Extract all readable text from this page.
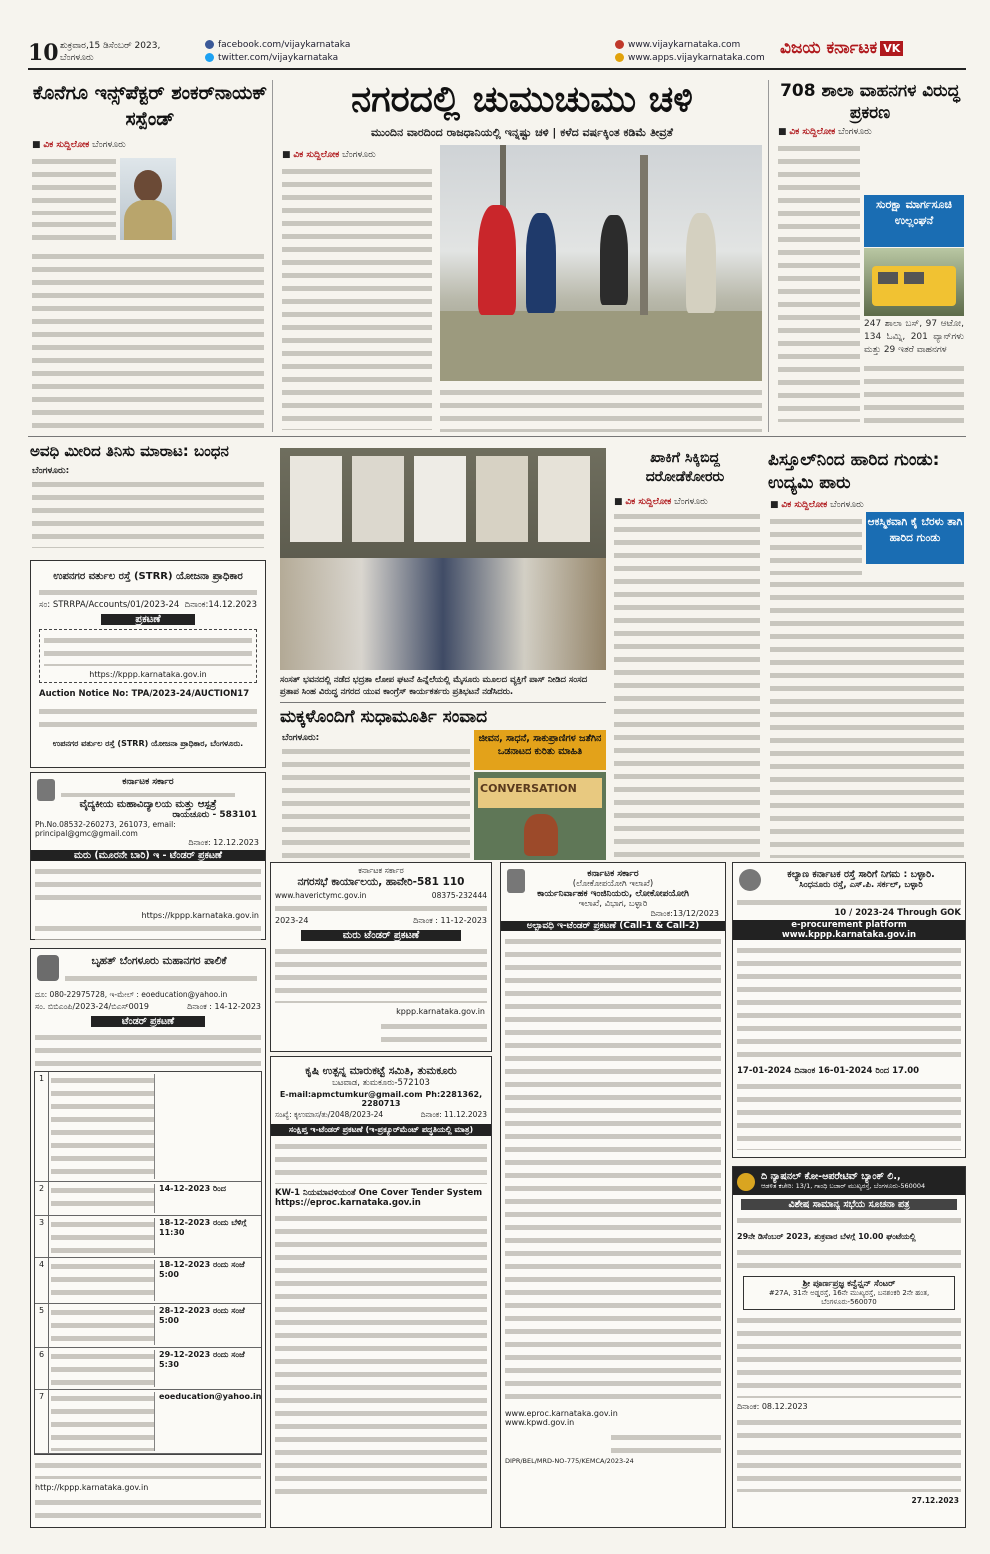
10 ಶುಕ್ರವಾರ,15 ಡಿಸೆಂಬರ್ 2023,
ಬೆಂಗಳೂರು
facebook.com/vijaykarnataka
twitter.com/vijaykarnataka
www.vijaykarnataka.com
www.apps.vijaykarnataka.com ವಿಜಯ ಕರ್ನಾಟಕ VK
ಕೊನೆಗೂ ಇನ್ಸ್‌ಪೆಕ್ಟರ್ ಶಂಕರ್‌ನಾಯಕ್ ಸಸ್ಪೆಂಡ್
■ ವಿಕ ಸುದ್ದಿಲೋಕ ಬೆಂಗಳೂರು
ನಗರದಲ್ಲಿ ಚುಮುಚುಮು ಚಳಿ
ಮುಂದಿನ ವಾರದಿಂದ ರಾಜಧಾನಿಯಲ್ಲಿ ಇನ್ನಷ್ಟು ಚಳಿ | ಕಳೆದ ವರ್ಷಕ್ಕಿಂತ ಕಡಿಮೆ ತೀವ್ರತೆ
■ ವಿಕ ಸುದ್ದಿಲೋಕ ಬೆಂಗಳೂರು
708 ಶಾಲಾ ವಾಹನಗಳ ವಿರುದ್ಧ ಪ್ರಕರಣ
■ ವಿಕ ಸುದ್ದಿಲೋಕ ಬೆಂಗಳೂರು
ಸುರಕ್ಷಾ ಮಾರ್ಗಸೂಚಿ ಉಲ್ಲಂಘನೆ
247 ಶಾಲಾ ಬಸ್, 97 ಆಟೋ, 134 ಓಮ್ನಿ, 201 ವ್ಯಾನ್‌ಗಳು ಮತ್ತು 29 ಇತರೆ ವಾಹನಗಳ
ಅವಧಿ ಮೀರಿದ ತಿನಿಸು ಮಾರಾಟ: ಬಂಧನ
ಬೆಂಗಳೂರು:
ಉಪನಗರ ವರ್ತುಲ ರಸ್ತೆ (STRR) ಯೋಜನಾ ಪ್ರಾಧಿಕಾರ
ಸಂ: STRRPA/Accounts/01/2023-24 ದಿನಾಂಕ:14.12.2023
ಪ್ರಕಟಣೆ
https://kppp.karnataka.gov.in
Auction Notice No: TPA/2023-24/AUCTION17
ಉಪನಗರ ವರ್ತುಲ ರಸ್ತೆ (STRR) ಯೋಜನಾ ಪ್ರಾಧಿಕಾರ, ಬೆಂಗಳೂರು.
ಕರ್ನಾಟಕ ಸರ್ಕಾರ
ವೈದ್ಯಕೀಯ ಮಹಾವಿದ್ಯಾಲಯ ಮತ್ತು ಆಸ್ಪತ್ರೆ
ರಾಯಚೂರು - 583101
Ph.No.08532-260273, 261073, email: principal@gmc@gmail.com
ದಿನಾಂಕ: 12.12.2023
ಮರು (ಮೂರನೇ ಬಾರಿ) ಇ - ಟೆಂಡರ್ ಪ್ರಕಟಣೆ
https://kppp.karnataka.gov.in
ಸಂಸತ್ ಭವನದಲ್ಲಿ ನಡೆದ ಭದ್ರತಾ ಲೋಪ ಘಟನೆ ಹಿನ್ನೆಲೆಯಲ್ಲಿ ಮೈಸೂರು ಮೂಲದ ವ್ಯಕ್ತಿಗೆ ಪಾಸ್ ನೀಡಿದ ಸಂಸದ ಪ್ರತಾಪ ಸಿಂಹ ವಿರುದ್ಧ ನಗರದ ಯುವ ಕಾಂಗ್ರೆಸ್ ಕಾರ್ಯಕರ್ತರು ಪ್ರತಿಭಟನೆ ನಡೆಸಿದರು.
ಖಾಕಿಗೆ ಸಿಕ್ಕಿಬಿದ್ದ ದರೋಡೆಕೋರರು
■ ವಿಕ ಸುದ್ದಿಲೋಕ ಬೆಂಗಳೂರು
ಪಿಸ್ತೂಲ್‌ನಿಂದ ಹಾರಿದ ಗುಂಡು: ಉದ್ಯಮಿ ಪಾರು
■ ವಿಕ ಸುದ್ದಿಲೋಕ ಬೆಂಗಳೂರು
ಆಕಸ್ಮಿಕವಾಗಿ ಕೈ ಬೆರಳು ತಾಗಿ ಹಾರಿದ ಗುಂಡು
ಮಕ್ಕಳೊಂದಿಗೆ ಸುಧಾಮೂರ್ತಿ ಸಂವಾದ
ಬೆಂಗಳೂರು:	ಜೀವನ, ಸಾಧನೆ, ಸಾಕುಪ್ರಾಣಿಗಳ ಜತೆಗಿನ ಒಡನಾಟದ ಕುರಿತು ಮಾಹಿತಿ
CONVERSATION
ಬೃಹತ್ ಬೆಂಗಳೂರು ಮಹಾನಗರ ಪಾಲಿಕೆ
ದೂ: 080-22975728, ಇ-ಮೇಲ್ : eoeducation@yahoo.in
ಸಂ. ಬಿಬಿಎಂಪಿ/2023-24/ಬಿಎಸ್‌0019	ದಿನಾಂಕ : 14-12-2023
ಟೆಂಡರ್ ಪ್ರಕಟಣೆ
1
2	14-12-2023 ರಿಂದ
3	18-12-2023 ರಂದು ಬೆಳಿಗ್ಗೆ 11:30
4	18-12-2023 ರಂದು ಸಂಜೆ 5:00
5	28-12-2023 ರಂದು ಸಂಜೆ 5:00
6	29-12-2023 ರಂದು ಸಂಜೆ 5:30
7	eoeducation@yahoo.in
http://kppp.karnataka.gov.in
ಕರ್ನಾಟಕ ಸರ್ಕಾರ
ನಗರಸಭೆ ಕಾರ್ಯಾಲಯ, ಹಾವೇರಿ-581 110
www.haverictymc.gov.in	08375-232444
2023-24	ದಿನಾಂಕ : 11-12-2023
ಮರು ಟೆಂಡರ್ ಪ್ರಕಟಣೆ
kppp.karnataka.gov.in
ಕೃಷಿ ಉತ್ಪನ್ನ ಮಾರುಕಟ್ಟೆ ಸಮಿತಿ, ತುಮಕೂರು
ಬಟವಾಡ, ತುಮಕೂರು-572103
E-mail:apmctumkur@gmail.com Ph:2281362, 2280713
ಸಂಖ್ಯೆ: ಕೃಉಮಾಸ/ತು/2048/2023-24	ದಿನಾಂಕ: 11.12.2023
ಸಂಕ್ಷಿಪ್ತ ಇ-ಟೆಂಡರ್ ಪ್ರಕಟಣೆ (ಇ-ಪ್ರಕ್ಯೂರ್‌ಮೆಂಟ್ ಪದ್ಧತಿಯಲ್ಲಿ ಮಾತ್ರ)
KW-1 ನಿಯಮಾವಳಿಯಂತೆ One Cover Tender System
https://eproc.karnataka.gov.in
ಕರ್ನಾಟಕ ಸರ್ಕಾರ
(ಲೋಕೋಪಯೋಗಿ ಇಲಾಖೆ)
ಕಾರ್ಯನಿರ್ವಾಹಕ ಇಂಜಿನಿಯರು, ಲೋಕೋಪಯೋಗಿ
ಇಲಾಖೆ, ವಿಭಾಗ, ಬಳ್ಳಾರಿ
ದಿನಾಂಕ:13/12/2023
ಅಲ್ಪಾವಧಿ ಇ-ಟೆಂಡರ್ ಪ್ರಕಟಣೆ (Call-1 & Call-2)
www.eproc.karnataka.gov.in
www.kpwd.gov.in
DIPR/BEL/MRD-NO-775/KEMCA/2023-24
ಕಲ್ಯಾಣ ಕರ್ನಾಟಕ ರಸ್ತೆ ಸಾರಿಗೆ ನಿಗಮ : ಬಳ್ಳಾರಿ.
ಸಿಂಧನೂರು ರಸ್ತೆ, ಎಸ್.ಪಿ. ಸರ್ಕಲ್, ಬಳ್ಳಾರಿ
10 / 2023-24 Through GOK
e-procurement platform www.kppp.karnataka.gov.in
17-01-2024 ದಿನಾಂಕ 16-01-2024 ರಿಂದ 17.00
ದಿ ನ್ಯಾಷನಲ್ ಕೋ-ಆಪರೇಟಿವ್ ಬ್ಯಾಂಕ್ ಲಿ.,
ಆಡಳಿತ ಕಚೇರಿ: 13/1, ಗಾಂಧಿ ಬಜಾರ್ ಮುಖ್ಯರಸ್ತೆ, ಬೆಂಗಳೂರು-560004
ವಿಶೇಷ ಸಾಮಾನ್ಯ ಸಭೆಯ ಸೂಚನಾ ಪತ್ರ
29ನೇ ಡಿಸೆಂಬರ್ 2023, ಶುಕ್ರವಾರ ಬೆಳಗ್ಗೆ 10.00 ಘಂಟೆಯಲ್ಲಿ
ಶ್ರೀ ಪೂರ್ಣಪ್ರಜ್ಞ ಕನ್ವೆನ್ಷನ್ ಸೆಂಟರ್
#27A, 31ನೇ ಅಡ್ಡರಸ್ತೆ, 16ನೇ ಮುಖ್ಯರಸ್ತೆ, ಬನಶಂಕರಿ 2ನೇ ಹಂತ, ಬೆಂಗಳೂರು-560070
ದಿನಾಂಕ: 08.12.2023
27.12.2023
